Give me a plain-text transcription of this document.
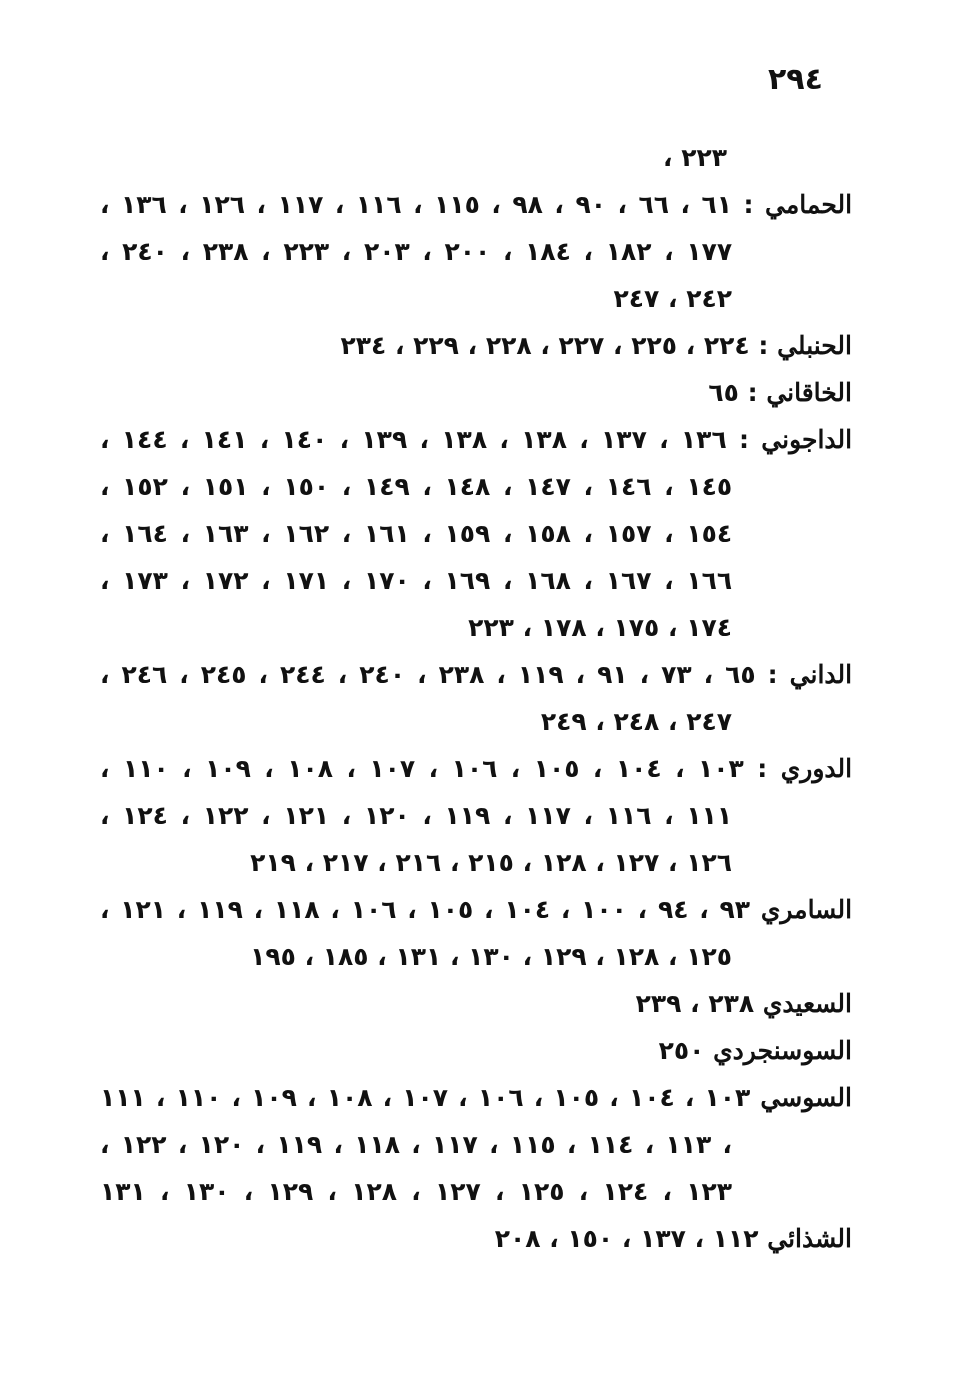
٢٩٤
٢٢٣ ،
الحمامي : ٦١ ، ٦٦ ، ٩٠ ، ٩٨ ، ١١٥ ، ١١٦ ، ١١٧ ، ١٢٦ ، ١٣٦ ،
١٧٧ ، ١٨٢ ، ١٨٤ ، ٢٠٠ ، ٢٠٣ ، ٢٢٣ ، ٢٣٨ ، ٢٤٠ ،
٢٤٢ ، ٢٤٧
الحنبلي : ٢٢٤ ، ٢٢٥ ، ٢٢٧ ، ٢٢٨ ، ٢٢٩ ، ٢٣٤
الخاقاني : ٦٥
الداجوني : ١٣٦ ، ١٣٧ ، ١٣٨ ، ١٣٨ ، ١٣٩ ، ١٤٠ ، ١٤١ ، ١٤٤ ،
١٤٥ ، ١٤٦ ، ١٤٧ ، ١٤٨ ، ١٤٩ ، ١٥٠ ، ١٥١ ، ١٥٢ ،
١٥٤ ، ١٥٧ ، ١٥٨ ، ١٥٩ ، ١٦١ ، ١٦٢ ، ١٦٣ ، ١٦٤ ،
١٦٦ ، ١٦٧ ، ١٦٨ ، ١٦٩ ، ١٧٠ ، ١٧١ ، ١٧٢ ، ١٧٣ ،
١٧٤ ، ١٧٥ ، ١٧٨ ، ٢٢٣
الداني : ٦٥ ، ٧٣ ، ٩١ ، ١١٩ ، ٢٣٨ ، ٢٤٠ ، ٢٤٤ ، ٢٤٥ ، ٢٤٦ ،
٢٤٧ ، ٢٤٨ ، ٢٤٩
الدوري : ١٠٣ ، ١٠٤ ، ١٠٥ ، ١٠٦ ، ١٠٧ ، ١٠٨ ، ١٠٩ ، ١١٠ ،
١١١ ، ١١٦ ، ١١٧ ، ١١٩ ، ١٢٠ ، ١٢١ ، ١٢٢ ، ١٢٤ ،
١٢٦ ، ١٢٧ ، ١٢٨ ، ٢١٥ ، ٢١٦ ، ٢١٧ ، ٢١٩
السامري ٩٣ ، ٩٤ ، ١٠٠ ، ١٠٤ ، ١٠٥ ، ١٠٦ ، ١١٨ ، ١١٩ ، ١٢١ ،
١٢٥ ، ١٢٨ ، ١٢٩ ، ١٣٠ ، ١٣١ ، ١٨٥ ، ١٩٥
السعيدي ٢٣٨ ، ٢٣٩
السوسنجردي ٢٥٠
السوسي ١٠٣ ، ١٠٤ ، ١٠٥ ، ١٠٦ ، ١٠٧ ، ١٠٨ ، ١٠٩ ، ١١٠ ، ١١١
، ١١٣ ، ١١٤ ، ١١٥ ، ١١٧ ، ١١٨ ، ١١٩ ، ١٢٠ ، ١٢٢ ،
١٢٣ ، ١٢٤ ، ١٢٥ ، ١٢٧ ، ١٢٨ ، ١٢٩ ، ١٣٠ ، ١٣١
الشذائي ١١٢ ، ١٣٧ ، ١٥٠ ، ٢٠٨
